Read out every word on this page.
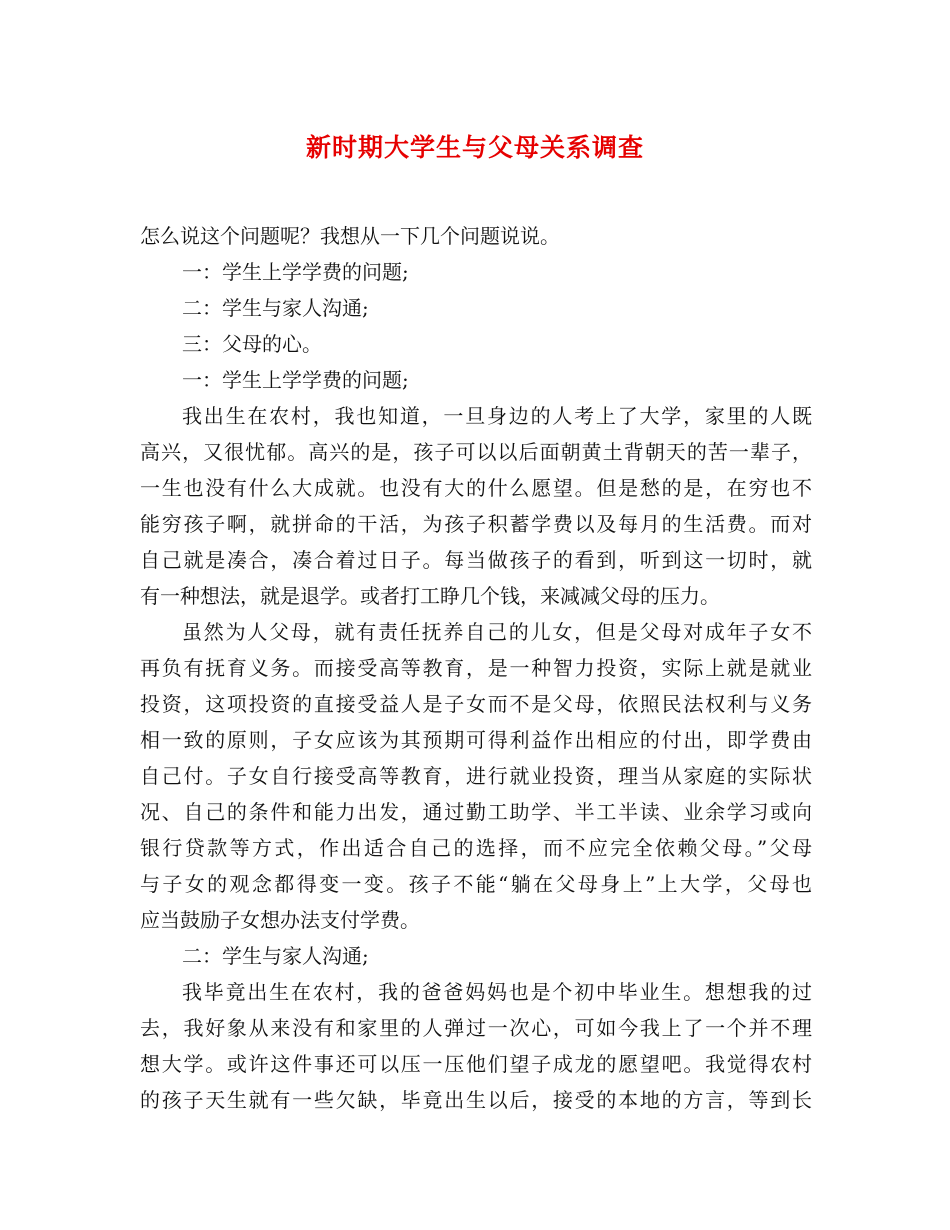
新时期大学生与父母关系调查
怎么说这个问题呢？我想从一下几个问题说说。
一：学生上学学费的问题;
二：学生与家人沟通;
三：父母的心。
一：学生上学学费的问题;
我出生在农村，我也知道，一旦身边的人考上了大学，家里的人既
高兴，又很忧郁。高兴的是，孩子可以以后面朝黄土背朝天的苦一辈子，
一生也没有什么大成就。也没有大的什么愿望。但是愁的是，在穷也不
能穷孩子啊，就拼命的干活，为孩子积蓄学费以及每月的生活费。而对
自己就是凑合，凑合着过日子。每当做孩子的看到，听到这一切时，就
有一种想法，就是退学。或者打工睁几个钱，来减减父母的压力。
虽然为人父母，就有责任抚养自己的儿女，但是父母对成年子女不
再负有抚育义务。而接受高等教育，是一种智力投资，实际上就是就业
投资，这项投资的直接受益人是子女而不是父母，依照民法权利与义务
相一致的原则，子女应该为其预期可得利益作出相应的付出，即学费由
自己付。子女自行接受高等教育，进行就业投资，理当从家庭的实际状
况、自己的条件和能力出发，通过勤工助学、半工半读、业余学习或向
银行贷款等方式，作出适合自己的选择，而不应完全依赖父母。”父母
与子女的观念都得变一变。孩子不能“躺在父母身上”上大学，父母也
应当鼓励子女想办法支付学费。
二：学生与家人沟通;
我毕竟出生在农村，我的爸爸妈妈也是个初中毕业生。想想我的过
去，我好象从来没有和家里的人弹过一次心，可如今我上了一个并不理
想大学。或许这件事还可以压一压他们望子成龙的愿望吧。我觉得农村
的孩子天生就有一些欠缺，毕竟出生以后，接受的本地的方言，等到长
